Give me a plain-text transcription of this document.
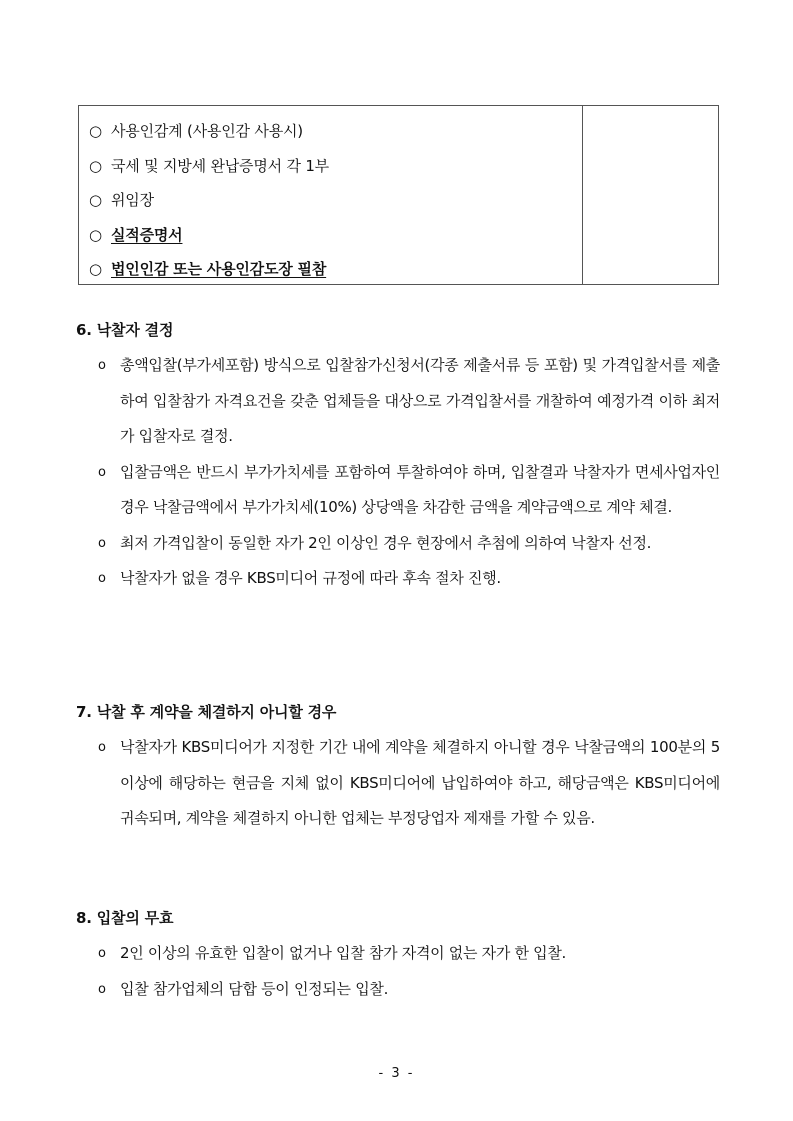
○ 사용인감계 (사용인감 사용시)
○ 국세 및 지방세 완납증명서 각 1부
○ 위임장
○ 실적증명서
○ 법인인감 또는 사용인감도장 필참
6. 낙찰자 결정
o 총액입찰(부가세포함) 방식으로 입찰참가신청서(각종 제출서류 등 포함) 및 가격입찰서를 제출하여 입찰참가 자격요건을 갖춘 업체들을 대상으로 가격입찰서를 개찰하여 예정가격 이하 최저가 입찰자로 결정.
o 입찰금액은 반드시 부가가치세를 포함하여 투찰하여야 하며, 입찰결과 낙찰자가 면세사업자인 경우 낙찰금액에서 부가가치세(10%) 상당액을 차감한 금액을 계약금액으로 계약 체결.
o 최저 가격입찰이 동일한 자가 2인 이상인 경우 현장에서 추첨에 의하여 낙찰자 선정.
o 낙찰자가 없을 경우 KBS미디어 규정에 따라 후속 절차 진행.
7. 낙찰 후 계약을 체결하지 아니할 경우
o 낙찰자가 KBS미디어가 지정한 기간 내에 계약을 체결하지 아니할 경우 낙찰금액의 100분의 5 이상에 해당하는 현금을 지체 없이 KBS미디어에 납입하여야 하고, 해당금액은 KBS미디어에 귀속되며, 계약을 체결하지 아니한 업체는 부정당업자 제재를 가할 수 있음.
8. 입찰의 무효
o 2인 이상의 유효한 입찰이 없거나 입찰 참가 자격이 없는 자가 한 입찰.
o 입찰 참가업체의 담합 등이 인정되는 입찰.
- 3 -
